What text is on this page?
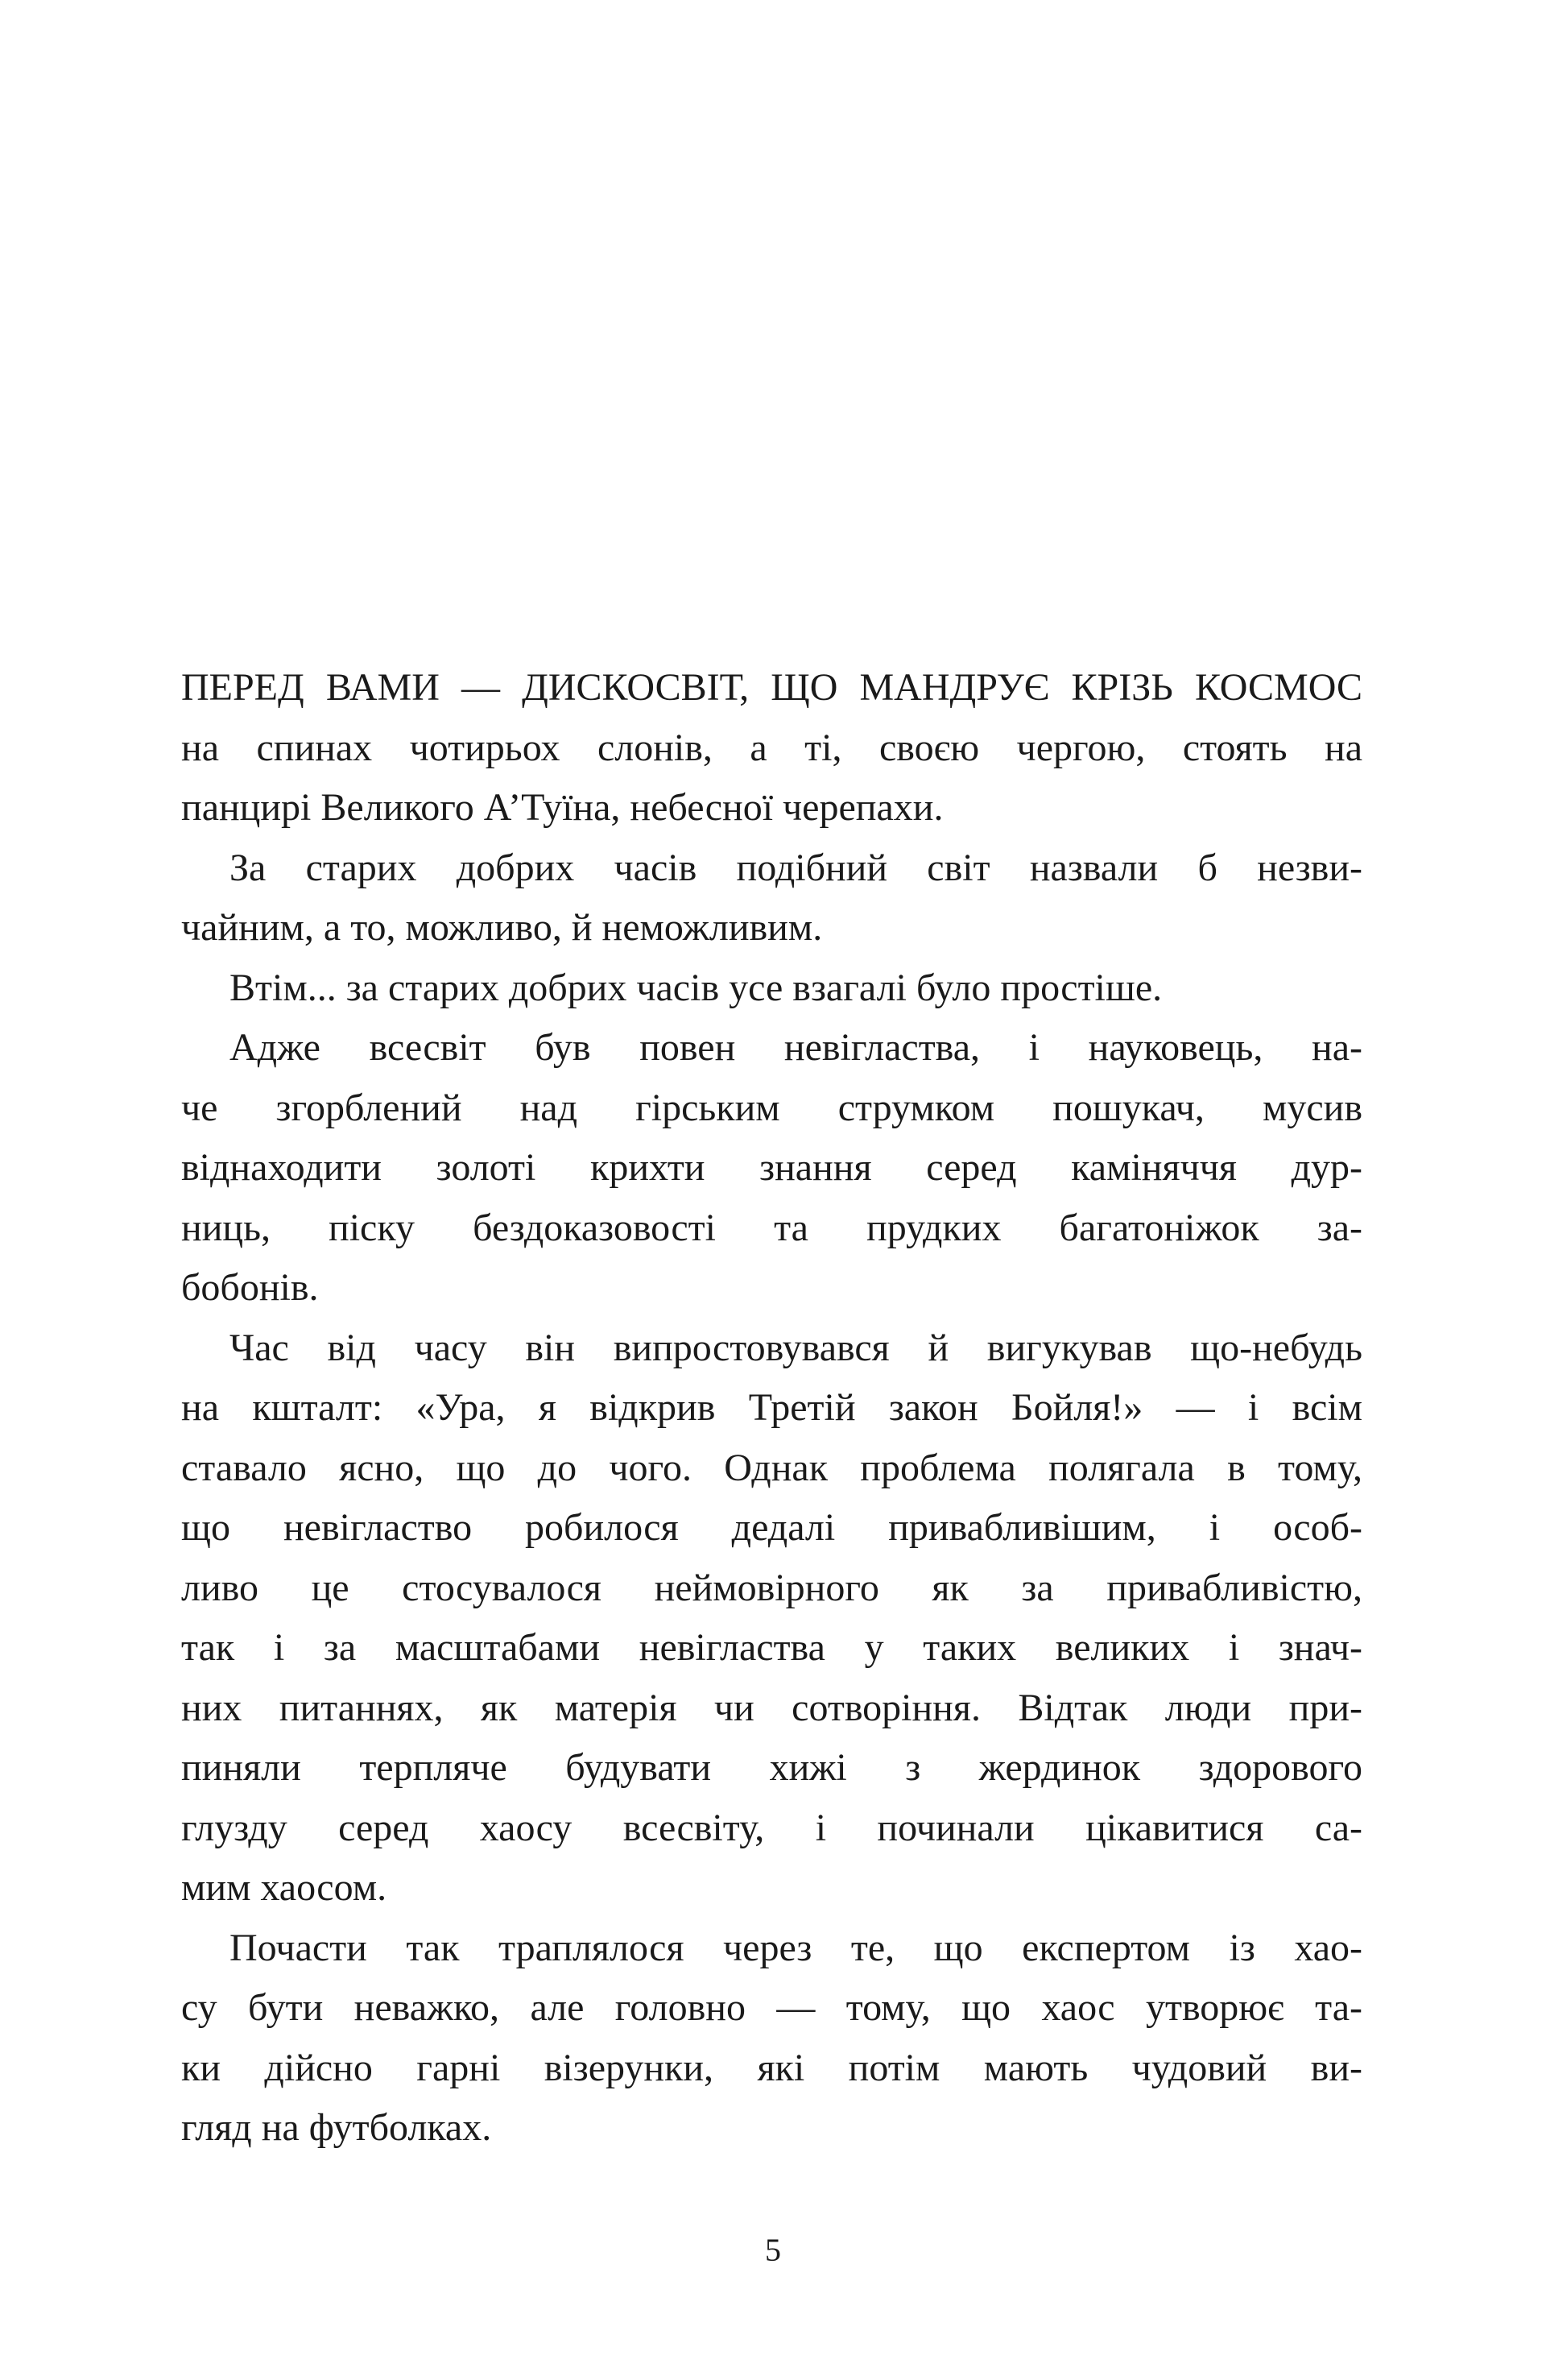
ПЕРЕД ВАМИ — ДИСКОСВІТ, ЩО МАНДРУЄ КРІЗЬ КОСМОС
на спинах чотирьох слонів, а ті, своєю чергою, стоять на
панцирі Великого А’Туїна, небесної черепахи.
За старих добрих часів подібний світ назвали б незви-
чайним, а то, можливо, й неможливим.
Втім... за старих добрих часів усе взагалі було простіше.
Адже всесвіт був повен невігластва, і науковець, на-
че згорблений над гірським струмком пошукач, мусив
віднаходити золоті крихти знання серед каміняччя дур-
ниць, піску бездоказовості та прудких багатоніжок за-
бобонів.
Час від часу він випростовувався й вигукував що-небудь
на кшталт: «Ура, я відкрив Третій закон Бойля!» — і всім
ставало ясно, що до чого. Однак проблема полягала в тому,
що невігластво робилося дедалі привабливішим, і особ-
ливо це стосувалося неймовірного як за привабливістю,
так і за масштабами невігластва у таких великих і знач-
них питаннях, як матерія чи сотворіння. Відтак люди при-
пиняли терпляче будувати хижі з жердинок здорового
глузду серед хаосу всесвіту, і починали цікавитися са-
мим хаосом.
Почасти так траплялося через те, що експертом із хао-
су бути неважко, але головно — тому, що хаос утворює та-
ки дійсно гарні візерунки, які потім мають чудовий ви-
гляд на футболках.
5
